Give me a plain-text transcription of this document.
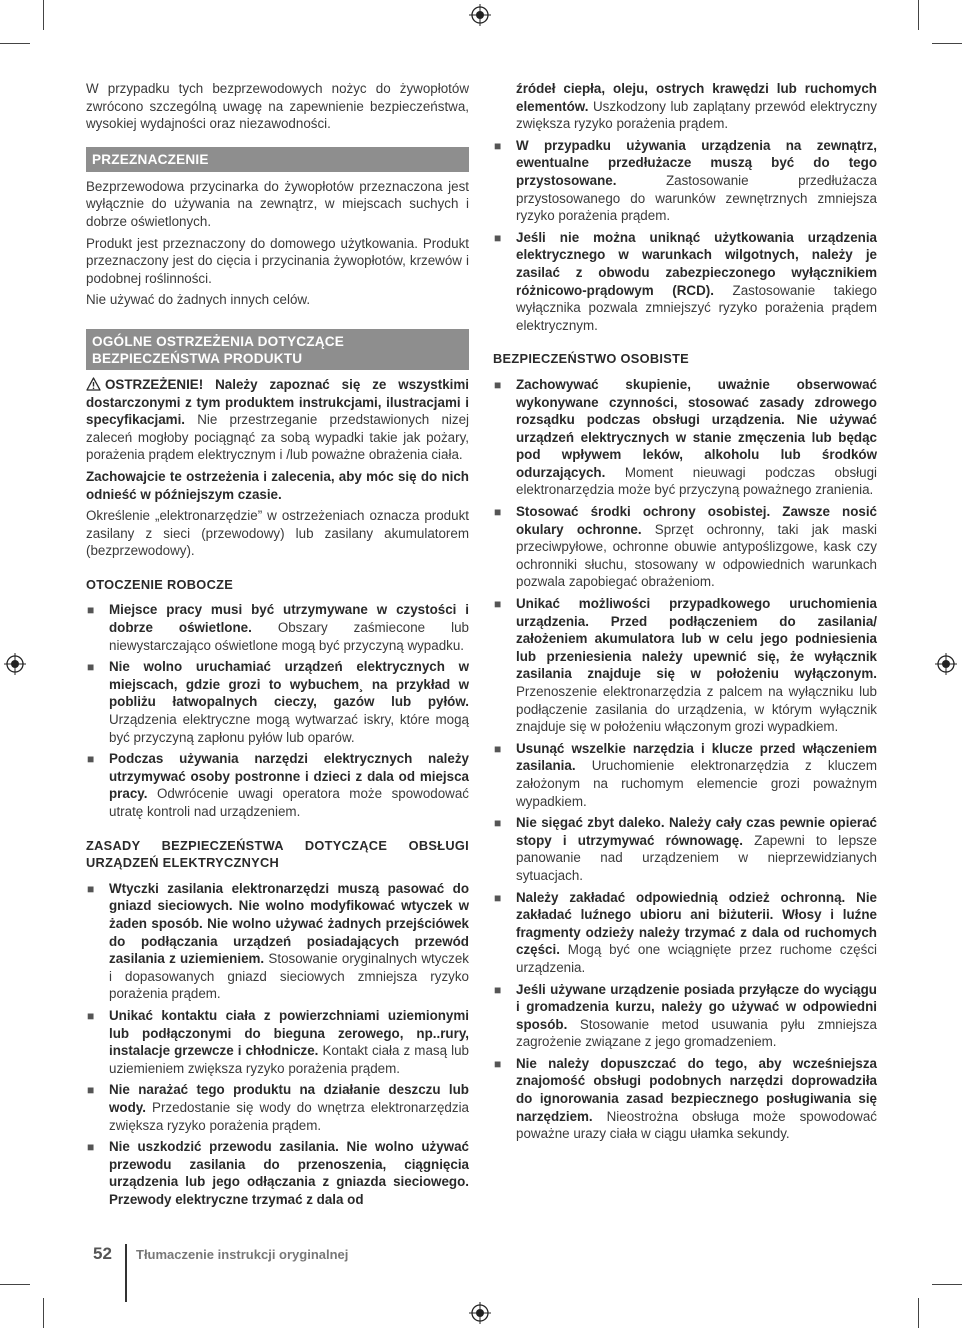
W przypadku tych bezprzewodowych nożyc do żywopłotów zwrócono szczególną uwagę na zapewnienie bezpieczeństwa, wysokiej wydajności oraz niezawodności.

PRZEZNACZENIE

Bezprzewodowa przycinarka do żywopłotów przeznaczona jest wyłącznie do używania na zewnątrz, w miejscach suchych i dobrze oświetlonych.

Produkt jest przeznaczony do domowego użytkowania. Produkt przeznaczony jest do cięcia i przycinania żywopłotów, krzewów i podobnej roślinności.

Nie używać do żadnych innych celów.

OGÓLNE OSTRZEŻENIA DOTYCZĄCE BEZPIECZEŃSTWA PRODUKTU

OSTRZEŻENIE! Należy zapoznać się ze wszystkimi dostarczonymi z tym produktem instrukcjami, ilustracjami i specyfikacjami. Nie przestrzeganie przedstawionych nizej zaleceń mogłoby pociągnąć za sobą wypadki takie jak pożary, porażenia prądem elektrycznym i /lub poważne obrażenia ciała.

Zachowajcie te ostrzeżenia i zalecenia, aby móc się do nich odnieść w późniejszym czasie.

Określenie „elektronarzędzie” w ostrzeżeniach oznacza produkt zasilany z sieci (przewodowy) lub zasilany akumulatorem (bezprzewodowy).

OTOCZENIE ROBOCZE
■ Miejsce pracy musi być utrzymywane w czystości i dobrze oświetlone. Obszary zaśmiecone lub niewystarczająco oświetlone mogą być przyczyną wypadku.
■ Nie wolno uruchamiać urządzeń elektrycznych w miejscach, gdzie grozi to wybuchem¸ na przykład w pobliżu łatwopalnych cieczy, gazów lub pyłów. Urządzenia elektryczne mogą wytwarzać iskry, które mogą być przyczyną zapłonu pyłów lub oparów.
■ Podczas używania narzędzi elektrycznych należy utrzymywać osoby postronne i dzieci z dala od miejsca pracy. Odwrócenie uwagi operatora może spowodować utratę kontroli nad urządzeniem.
ZASADY BEZPIECZEŃSTWA DOTYCZĄCE OBSŁUGI URZĄDZEŃ ELEKTRYCZNYCH
■ Wtyczki zasilania elektronarzędzi muszą pasować do gniazd sieciowych. Nie wolno modyfikować wtyczek w żaden sposób. Nie wolno używać żadnych przejściówek do podłączania urządzeń posiadających przewód zasilania z uziemieniem. Stosowanie oryginalnych wtyczek i dopasowanych gniazd sieciowych zmniejsza ryzyko porażenia prądem.
■ Unikać kontaktu ciała z powierzchniami uziemionymi lub podłączonymi do bieguna zerowego, np..rury, instalacje grzewcze i chłodnicze. Kontakt ciała z masą lub uziemieniem zwiększa ryzyko porażenia prądem.
■ Nie narażać tego produktu na działanie deszczu lub wody. Przedostanie się wody do wnętrza elektronarzędzia zwiększa ryzyko porażenia prądem.
■ Nie uszkodzić przewodu zasilania. Nie wolno używać przewodu zasilania do przenoszenia, ciągnięcia urządzenia lub jego odłączania z gniazda sieciowego. Przewody elektryczne trzymać z dala od
źródeł ciepła, oleju, ostrych krawędzi lub ruchomych elementów. Uszkodzony lub zaplątany przewód elektryczny zwiększa ryzyko porażenia prądem.
■ W przypadku używania urządzenia na zewnątrz, ewentualne przedłużacze muszą być do tego przystosowane. Zastosowanie przedłużacza przystosowanego do warunków zewnętrznych zmniejsza ryzyko porażenia prądem.
■ Jeśli nie można uniknąć użytkowania urządzenia elektrycznego w warunkach wilgotnych, należy je zasilać z obwodu zabezpieczonego wyłącznikiem różnicowo-prądowym (RCD). Zastosowanie takiego wyłącznika pozwala zmniejszyć ryzyko porażenia prądem elektrycznym.
BEZPIECZEŃSTWO OSOBISTE
■ Zachowywać skupienie, uważnie obserwować wykonywane czynności, stosować zasady zdrowego rozsądku podczas obsługi urządzenia. Nie używać urządzeń elektrycznych w stanie zmęczenia lub będąc pod wpływem leków, alkoholu lub środków odurzających. Moment nieuwagi podczas obsługi elektronarzędzia może być przyczyną poważnego zranienia.
■ Stosować środki ochrony osobistej. Zawsze nosić okulary ochronne. Sprzęt ochronny, taki jak maski przeciwpyłowe, ochronne obuwie antypoślizgowe, kask czy ochronniki słuchu, stosowany w odpowiednich warunkach pozwala zapobiegać obrażeniom.
■ Unikać możliwości przypadkowego uruchomienia urządzenia. Przed podłączeniem do zasilania/ założeniem akumulatora lub w celu jego podniesienia lub przeniesienia należy upewnić się, że wyłącznik zasilania znajduje się w położeniu wyłączonym. Przenoszenie elektronarzędzia z palcem na wyłączniku lub podłączenie zasilania do urządzenia, w którym wyłącznik znajduje się w położeniu włączonym grozi wypadkiem.
■ Usunąć wszelkie narzędzia i klucze przed włączeniem zasilania. Uruchomienie elektronarzędzia z kluczem założonym na ruchomym elemencie grozi poważnym wypadkiem.
■ Nie sięgać zbyt daleko. Należy cały czas pewnie opierać stopy i utrzymywać równowagę. Zapewni to lepsze panowanie nad urządzeniem w nieprzewidzianych sytuacjach.
■ Należy zakładać odpowiednią odzież ochronną. Nie zakładać luźnego ubioru ani biżuterii. Włosy i luźne fragmenty odzieży należy trzymać z dala od ruchomych części. Mogą być one wciągnięte przez ruchome części urządzenia.
■ Jeśli używane urządzenie posiada przyłącze do wyciągu i gromadzenia kurzu, należy go używać w odpowiedni sposób. Stosowanie metod usuwania pyłu zmniejsza zagrożenie związane z jego gromadzeniem.
■ Nie należy dopuszczać do tego, aby wcześniejsza znajomość obsługi podobnych narzędzi doprowadziła do ignorowania zasad bezpiecznego posługiwania się narzędziem. Nieostrożna obsługa może spowodować poważne urazy ciała w ciągu ułamka sekundy.
52 Tłumaczenie instrukcji oryginalnej
